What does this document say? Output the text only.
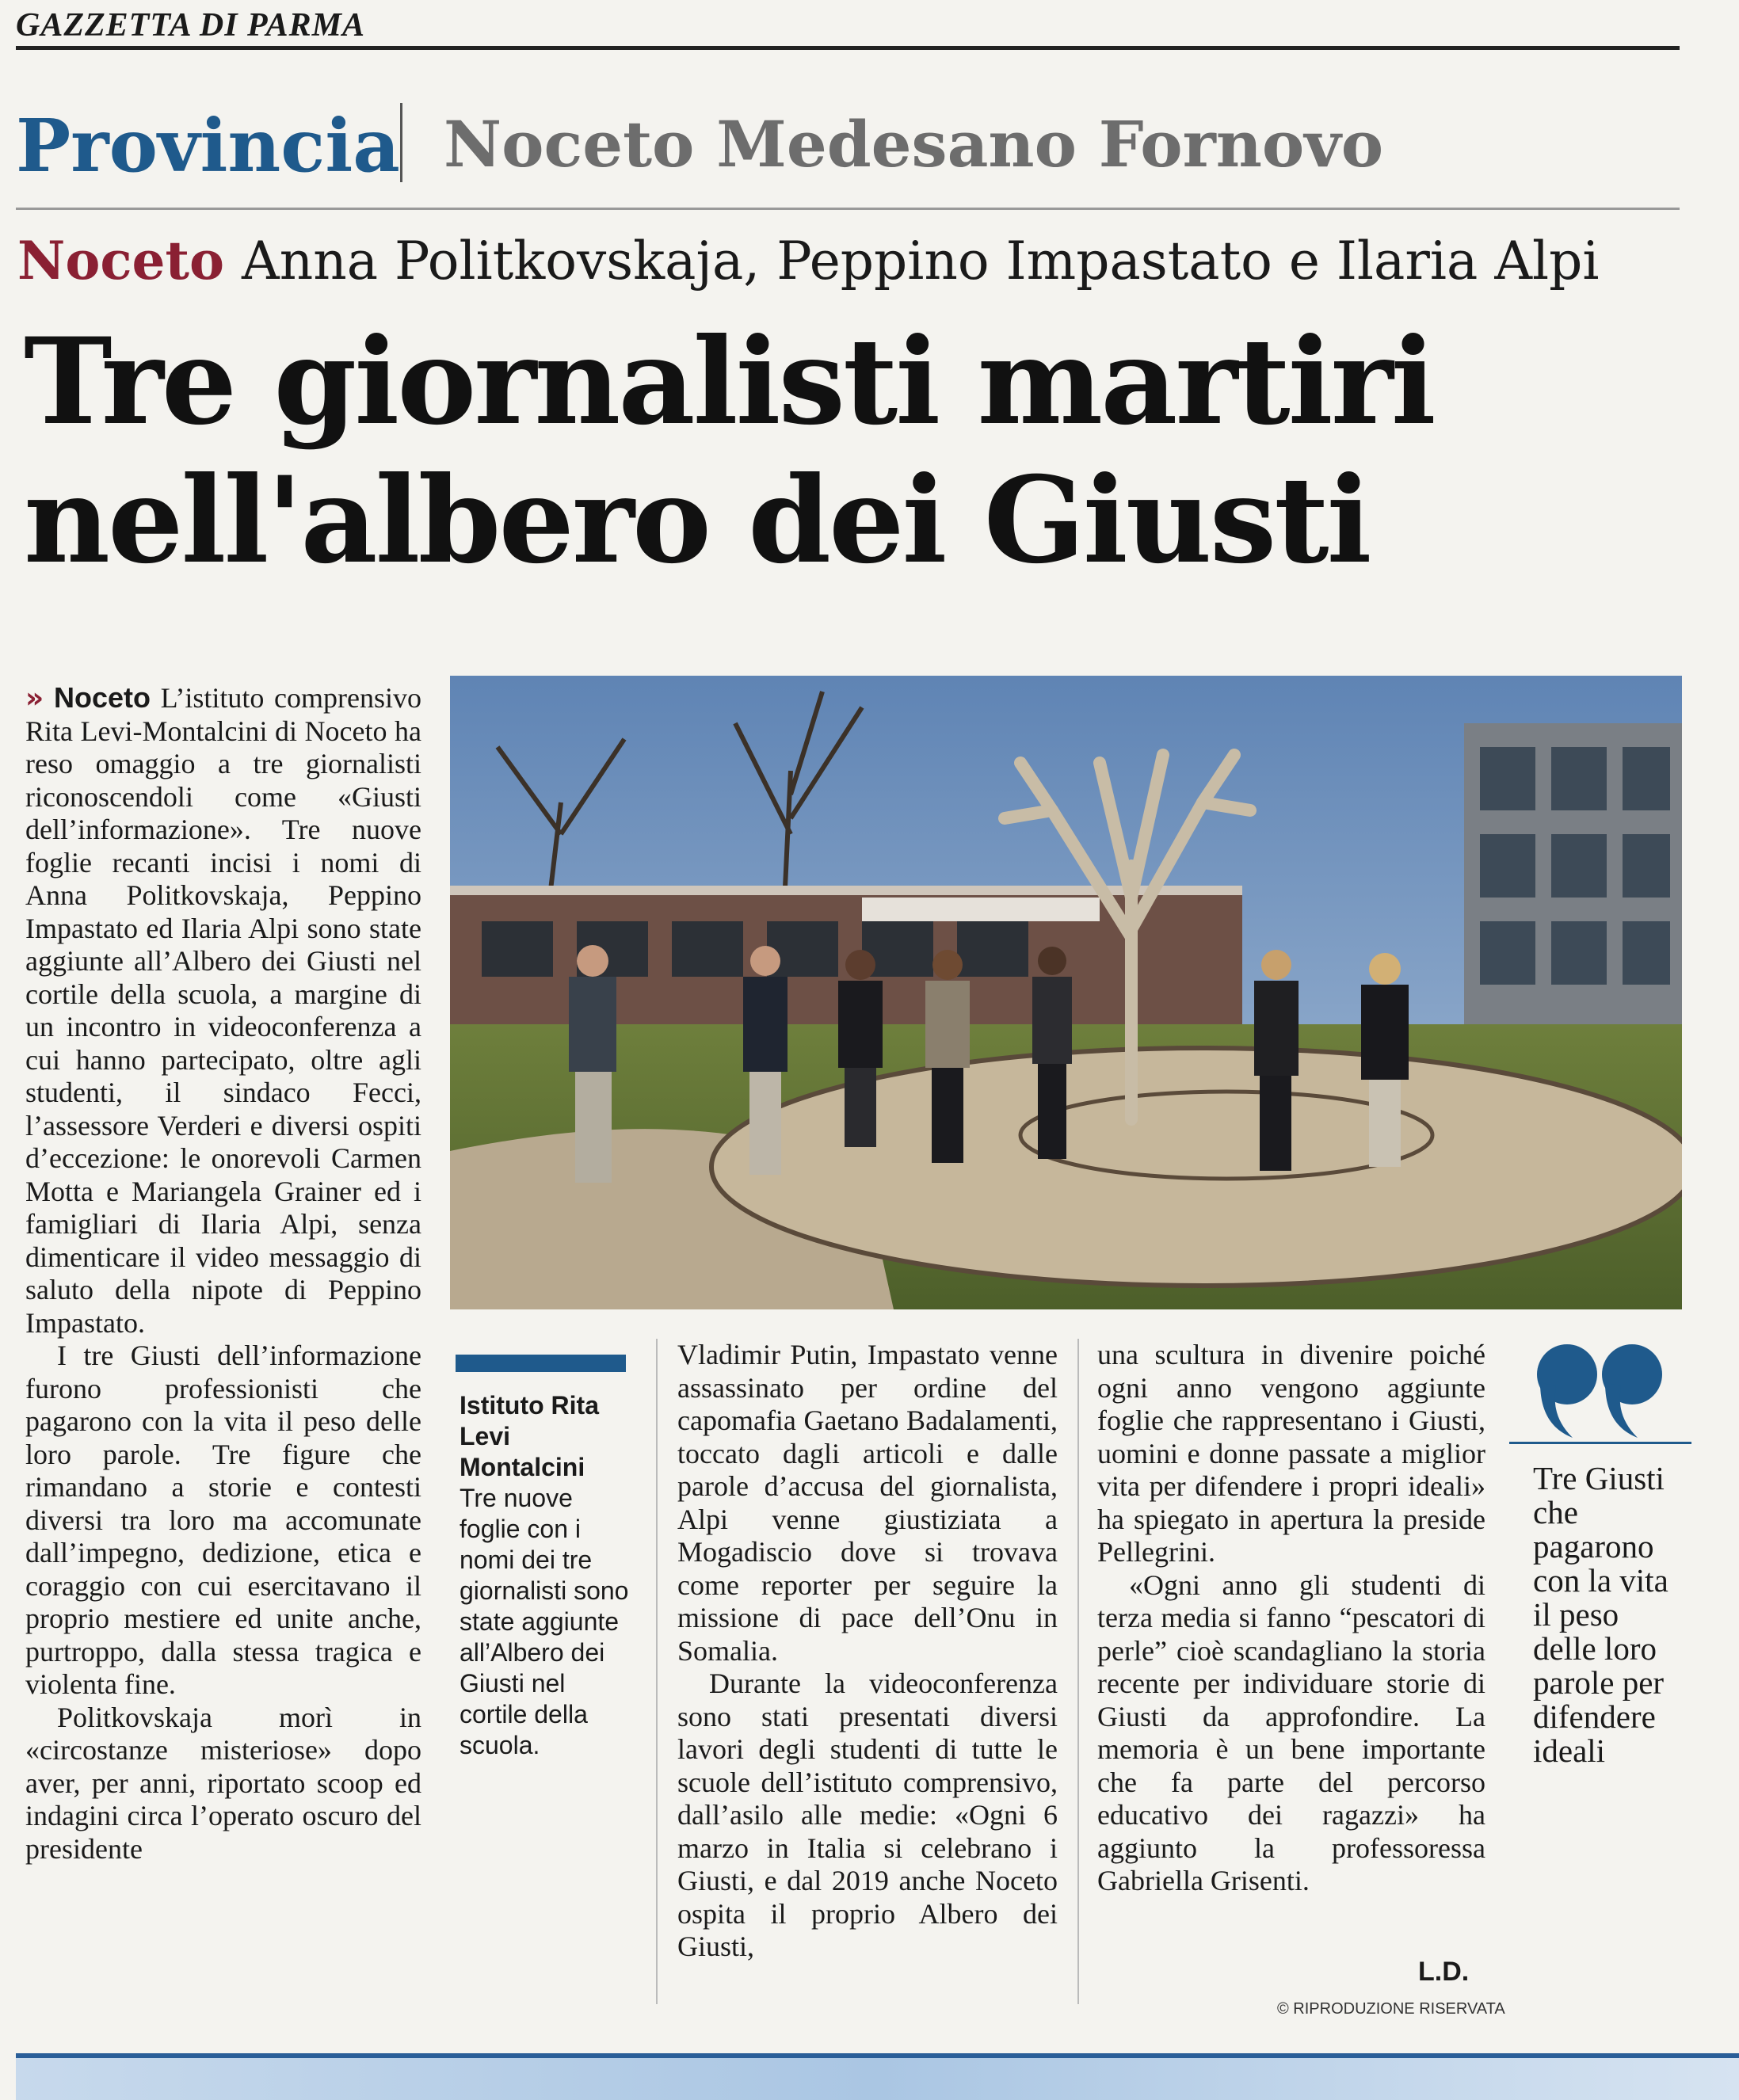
GAZZETTA DI PARMA
Provincia Noceto Medesano Fornovo
Noceto Anna Politkovskaja, Peppino Impastato e Ilaria Alpi
Tre giornalisti martiri
nell'albero dei Giusti

» Noceto L’istituto comprensivo Rita Levi-Montalcini di Noceto ha reso omaggio a tre giornalisti riconoscendoli come «Giusti dell’informazione». Tre nuove foglie recanti incisi i nomi di Anna Politkovskaja, Peppino Impastato ed Ilaria Alpi sono state aggiunte all’Albero dei Giusti nel cortile della scuola, a margine di un incontro in videoconferenza a cui hanno partecipato, oltre agli studenti, il sindaco Fecci, l’assessore Verderi e diversi ospiti d’eccezione: le onorevoli Carmen Motta e Mariangela Grainer ed i famigliari di Ilaria Alpi, senza dimenticare il video messaggio di saluto della nipote di Peppino Impastato.

I tre Giusti dell’informazione furono professionisti che pagarono con la vita il peso delle loro parole. Tre figure che rimandano a storie e contesti diversi tra loro ma accomunate dall’impegno, dedizione, etica e coraggio con cui esercitavano il proprio mestiere ed unite anche, purtroppo, dalla stessa tragica e violenta fine.

Politkovskaja morì in «circostanze misteriose» dopo aver, per anni, riportato scoop ed indagini circa l’operato oscuro del presidente

Istituto Rita Levi Montalcini
Tre nuove foglie con i nomi dei tre giornalisti sono state aggiunte all’Albero dei Giusti nel cortile della scuola.

Vladimir Putin, Impastato venne assassinato per ordine del capomafia Gaetano Badalamenti, toccato dagli articoli e dalle parole d’accusa del giornalista, Alpi venne giustiziata a Mogadiscio dove si trovava come reporter per seguire la missione di pace dell’Onu in Somalia.

Durante la videoconferenza sono stati presentati diversi lavori degli studenti di tutte le scuole dell’istituto comprensivo, dall’asilo alle medie: «Ogni 6 marzo in Italia si celebrano i Giusti, e dal 2019 anche Noceto ospita il proprio Albero dei Giusti,

una scultura in divenire poiché ogni anno vengono aggiunte foglie che rappresentano i Giusti, uomini e donne passate a miglior vita per difendere i propri ideali» ha spiegato in apertura la preside Pellegrini.

«Ogni anno gli studenti di terza media si fanno “pescatori di perle” cioè scandagliano la storia recente per individuare storie di Giusti da approfondire. La memoria è un bene importante che fa parte del percorso educativo dei ragazzi» ha aggiunto la professoressa Gabriella Grisenti.

L.D.
© RIPRODUZIONE RISERVATA
Tre Giusti che pagarono con la vita il peso delle loro parole per difendere ideali
